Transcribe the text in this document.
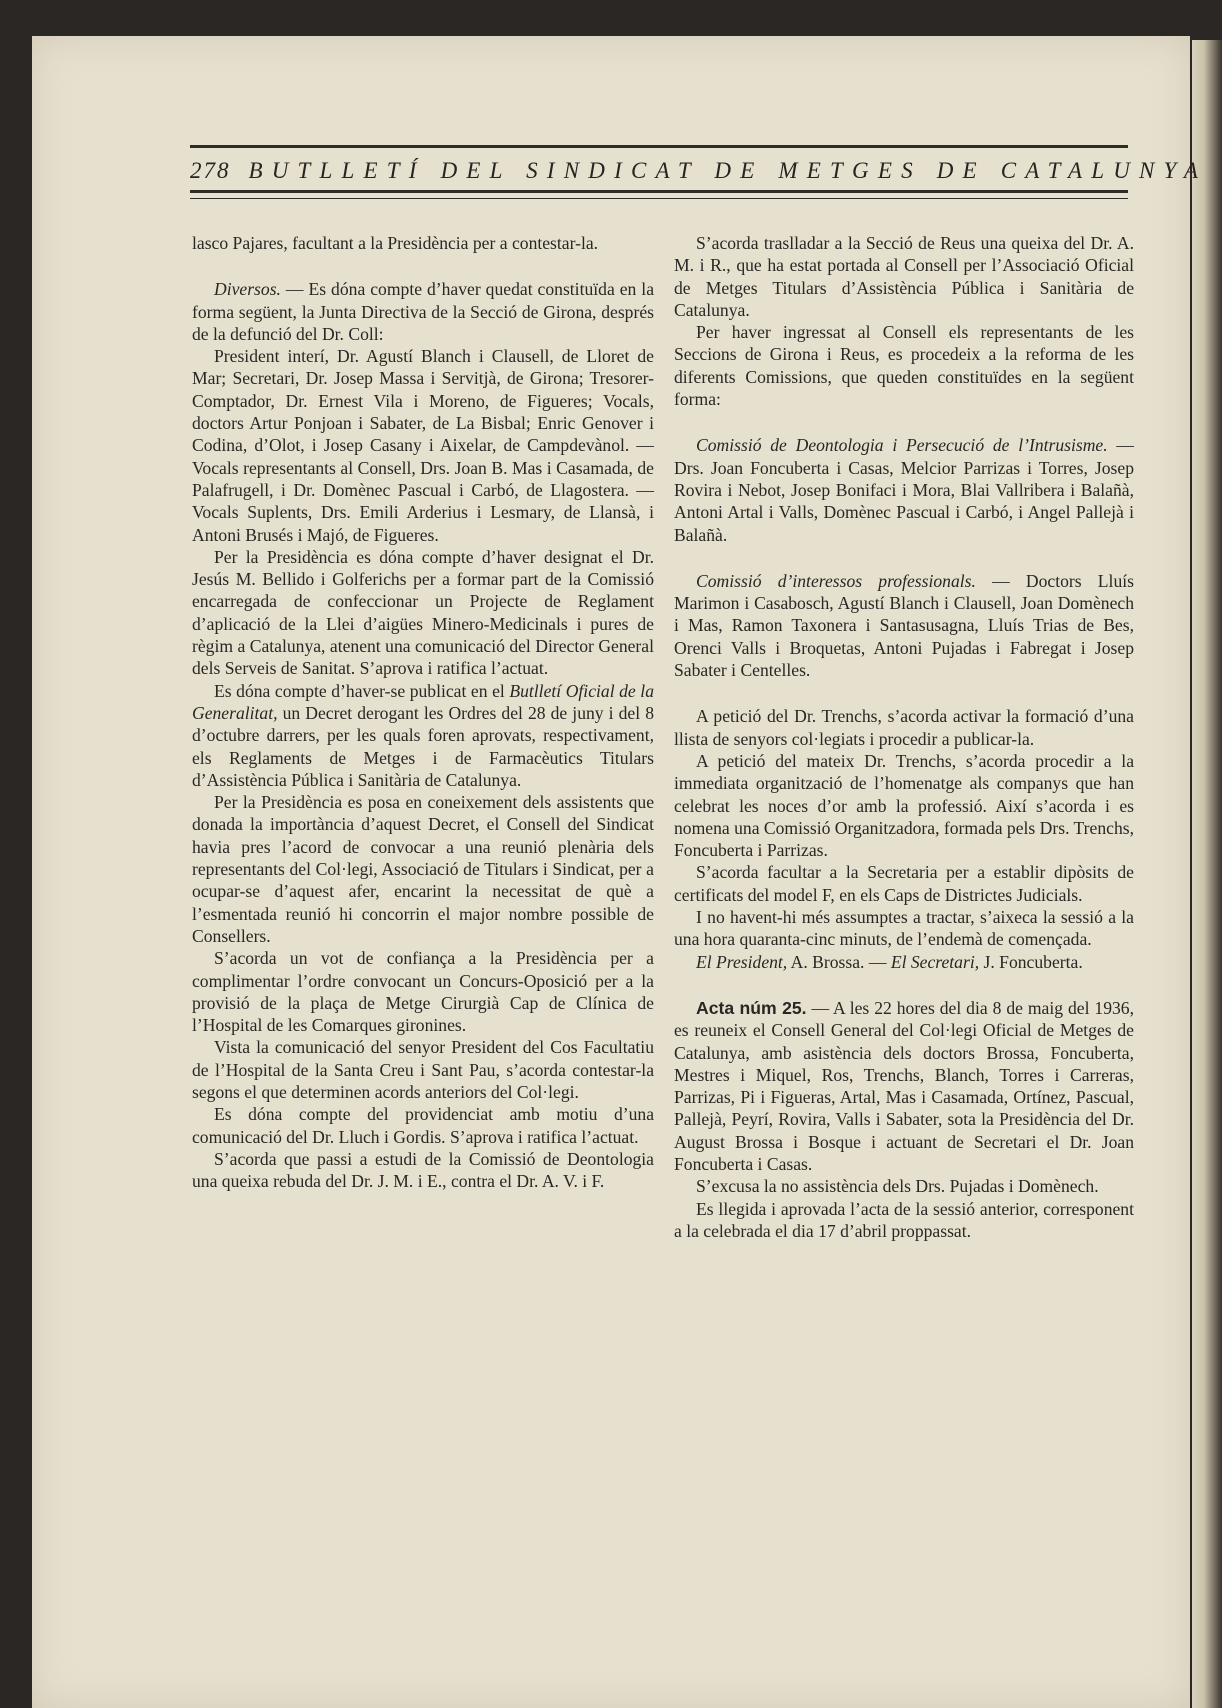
278 BUTLLETÍ DEL SINDICAT DE METGES DE CATALUNYA

lasco Pajares, facultant a la Presidència per a contestar-la.

Diversos. — Es dóna compte d’haver quedat constituïda en la forma següent, la Junta Directiva de la Secció de Girona, després de la defunció del Dr. Coll:

President interí, Dr. Agustí Blanch i Clausell, de Lloret de Mar; Secretari, Dr. Josep Massa i Servitjà, de Girona; Tresorer-Comptador, Dr. Ernest Vila i Moreno, de Figueres; Vocals, doctors Artur Ponjoan i Sabater, de La Bisbal; Enric Genover i Codina, d’Olot, i Josep Casany i Aixelar, de Campdevànol. — Vocals representants al Consell, Drs. Joan B. Mas i Casamada, de Palafrugell, i Dr. Domènec Pascual i Carbó, de Llagostera. — Vocals Suplents, Drs. Emili Arderius i Lesmary, de Llansà, i Antoni Brusés i Majó, de Figueres.

Per la Presidència es dóna compte d’haver designat el Dr. Jesús M. Bellido i Golferichs per a formar part de la Comissió encarregada de confeccionar un Projecte de Reglament d’aplicació de la Llei d’aigües Minero-Medicinals i pures de règim a Catalunya, atenent una comunicació del Director General dels Serveis de Sanitat. S’aprova i ratifica l’actuat.

Es dóna compte d’haver-se publicat en el Butlletí Oficial de la Generalitat, un Decret derogant les Ordres del 28 de juny i del 8 d’octubre darrers, per les quals foren aprovats, respectivament, els Reglaments de Metges i de Farmacèutics Titulars d’Assistència Pública i Sanitària de Catalunya.

Per la Presidència es posa en coneixement dels assistents que donada la importància d’aquest Decret, el Consell del Sindicat havia pres l’acord de convocar a una reunió plenària dels representants del Col·legi, Associació de Titulars i Sindicat, per a ocupar-se d’aquest afer, encarint la necessitat de què a l’esmentada reunió hi concorrin el major nombre possible de Consellers.

S’acorda un vot de confiança a la Presidència per a complimentar l’ordre convocant un Concurs-Oposició per a la provisió de la plaça de Metge Cirurgià Cap de Clínica de l’Hospital de les Comarques gironines.

Vista la comunicació del senyor President del Cos Facultatiu de l’Hospital de la Santa Creu i Sant Pau, s’acorda contestar-la segons el que determinen acords anteriors del Col·legi.

Es dóna compte del providenciat amb motiu d’una comunicació del Dr. Lluch i Gordis. S’aprova i ratifica l’actuat.

S’acorda que passi a estudi de la Comissió de Deontologia una queixa rebuda del Dr. J. M. i E., contra el Dr. A. V. i F.

S’acorda traslladar a la Secció de Reus una queixa del Dr. A. M. i R., que ha estat portada al Consell per l’Associació Oficial de Metges Titulars d’Assistència Pública i Sanitària de Catalunya.

Per haver ingressat al Consell els representants de les Seccions de Girona i Reus, es procedeix a la reforma de les diferents Comissions, que queden constituïdes en la següent forma:

Comissió de Deontologia i Persecució de l’Intrusisme. — Drs. Joan Foncuberta i Casas, Melcior Parrizas i Torres, Josep Rovira i Nebot, Josep Bonifaci i Mora, Blai Vallribera i Balañà, Antoni Artal i Valls, Domènec Pascual i Carbó, i Angel Pallejà i Balañà.

Comissió d’interessos professionals. — Doctors Lluís Marimon i Casabosch, Agustí Blanch i Clausell, Joan Domènech i Mas, Ramon Taxonera i Santasusagna, Lluís Trias de Bes, Orenci Valls i Broquetas, Antoni Pujadas i Fabregat i Josep Sabater i Centelles.

A petició del Dr. Trenchs, s’acorda activar la formació d’una llista de senyors col·legiats i procedir a publicar-la.

A petició del mateix Dr. Trenchs, s’acorda procedir a la immediata organització de l’homenatge als companys que han celebrat les noces d’or amb la professió. Així s’acorda i es nomena una Comissió Organitzadora, formada pels Drs. Trenchs, Foncuberta i Parrizas.

S’acorda facultar a la Secretaria per a establir dipòsits de certificats del model F, en els Caps de Districtes Judicials.

I no havent-hi més assumptes a tractar, s’aixeca la sessió a la una hora quaranta-cinc minuts, de l’endemà de començada.

El President, A. Brossa. — El Secretari, J. Foncuberta.

Acta núm 25. — A les 22 hores del dia 8 de maig del 1936, es reuneix el Consell General del Col·legi Oficial de Metges de Catalunya, amb asistència dels doctors Brossa, Foncuberta, Mestres i Miquel, Ros, Trenchs, Blanch, Torres i Carreras, Parrizas, Pi i Figueras, Artal, Mas i Casamada, Ortínez, Pascual, Pallejà, Peyrí, Rovira, Valls i Sabater, sota la Presidència del Dr. August Brossa i Bosque i actuant de Secretari el Dr. Joan Foncuberta i Casas.

S’excusa la no assistència dels Drs. Pujadas i Domènech.

Es llegida i aprovada l’acta de la sessió anterior, corresponent a la celebrada el dia 17 d’abril proppassat.
